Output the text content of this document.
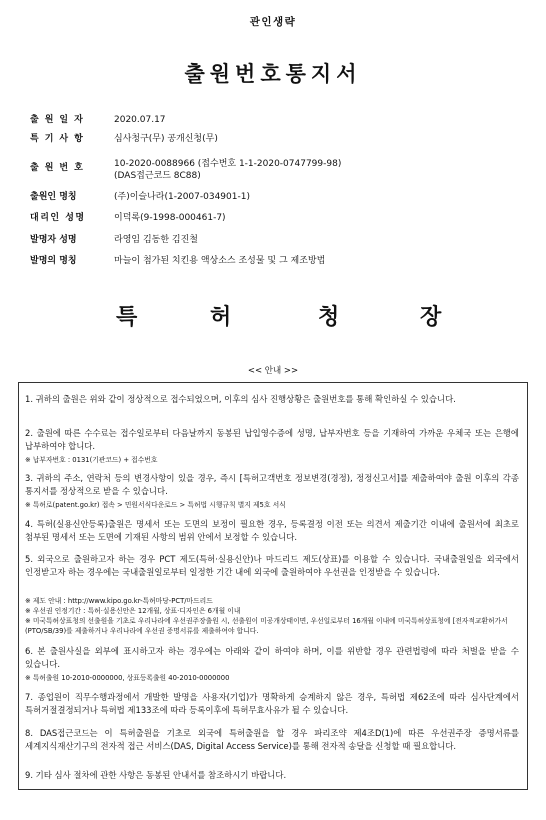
관인생략
출원번호통지서
출원일자	2020.07.17
특기사항	심사청구(무) 공개신청(무)
출원번호	10-2020-0088966 (접수번호 1-1-2020-0747799-98)
(DAS접근코드 8C88)
출원인 명칭	(주)이슬나라(1-2007-034901-1)
대리인 성명	이덕록(9-1998-000461-7)
발명자 성명	라영임 김동한 김진철
발명의 명칭	마늘이 첨가된 치킨용 액상소스 조성물 및 그 제조방법
특	허	청	장
<< 안내 >>
1. 귀하의 출원은 위와 같이 정상적으로 접수되었으며, 이후의 심사 진행상황은 출원번호를 통해 확인하실 수 있습니다.
2. 출원에 따른 수수료는 접수일로부터 다음날까지 동봉된 납입영수증에 성명, 납부자번호 등을 기재하여 가까운 우체국 또는 은행에 납부하여야 합니다.
※ 납부자번호 : 0131(기관코드) + 접수번호
3. 귀하의 주소, 연락처 등의 변경사항이 있을 경우, 즉시 [특허고객번호 정보변경(경정), 정정신고서]를 제출하여야 출원 이후의 각종 통지서를 정상적으로 받을 수 있습니다.
※ 특허로(patent.go.kr) 접속 > 민원서식다운로드 > 특허법 시행규칙 별지 제5호 서식
4. 특허(실용신안등록)출원은 명세서 또는 도면의 보정이 필요한 경우, 등록결정 이전 또는 의견서 제출기간 이내에 출원서에 최초로 첨부된 명세서 또는 도면에 기재된 사항의 범위 안에서 보정할 수 있습니다.
5. 외국으로 출원하고자 하는 경우 PCT 제도(특허·실용신안)나 마드리드 제도(상표)를 이용할 수 있습니다. 국내출원일을 외국에서 인정받고자 하는 경우에는 국내출원일로부터 일정한 기간 내에 외국에 출원하여야 우선권을 인정받을 수 있습니다.
※ 제도 안내 : http://www.kipo.go.kr-특허마당-PCT/마드리드
※ 우선권 인정기간 : 특허·실용신안은 12개월, 상표·디자인은 6개월 이내
※ 미국특허상표청의 선출원을 기초로 우리나라에 우선권주장출원 시, 선출원이 미공개상태이면, 우선일로부터 16개월 이내에 미국특허상표청에 [전자적교환허가서(PTO/SB/39)를 제출하거나 우리나라에 우선권 증명서류를 제출하여야 합니다.
6. 본 출원사실을 외부에 표시하고자 하는 경우에는 아래와 같이 하여야 하며, 이를 위반할 경우 관련법령에 따라 처벌을 받을 수 있습니다.
※ 특허출원 10-2010-0000000, 상표등록출원 40-2010-0000000
7. 종업원이 직무수행과정에서 개발한 발명을 사용자(기업)가 명확하게 승계하지 않은 경우, 특허법 제62조에 따라 심사단계에서 특허거절결정되거나 특허법 제133조에 따라 등록이후에 특허무효사유가 될 수 있습니다.
8. DAS접근코드는 이 특허출원을 기초로 외국에 특허출원을 할 경우 파리조약 제4조D(1)에 따른 우선권주장 증명서류를 세계지식재산기구의 전자적 접근 서비스(DAS, Digital Access Service)를 통해 전자적 송달을 신청할 때 필요합니다.
9. 기타 심사 절차에 관한 사항은 동봉된 안내서를 참조하시기 바랍니다.
